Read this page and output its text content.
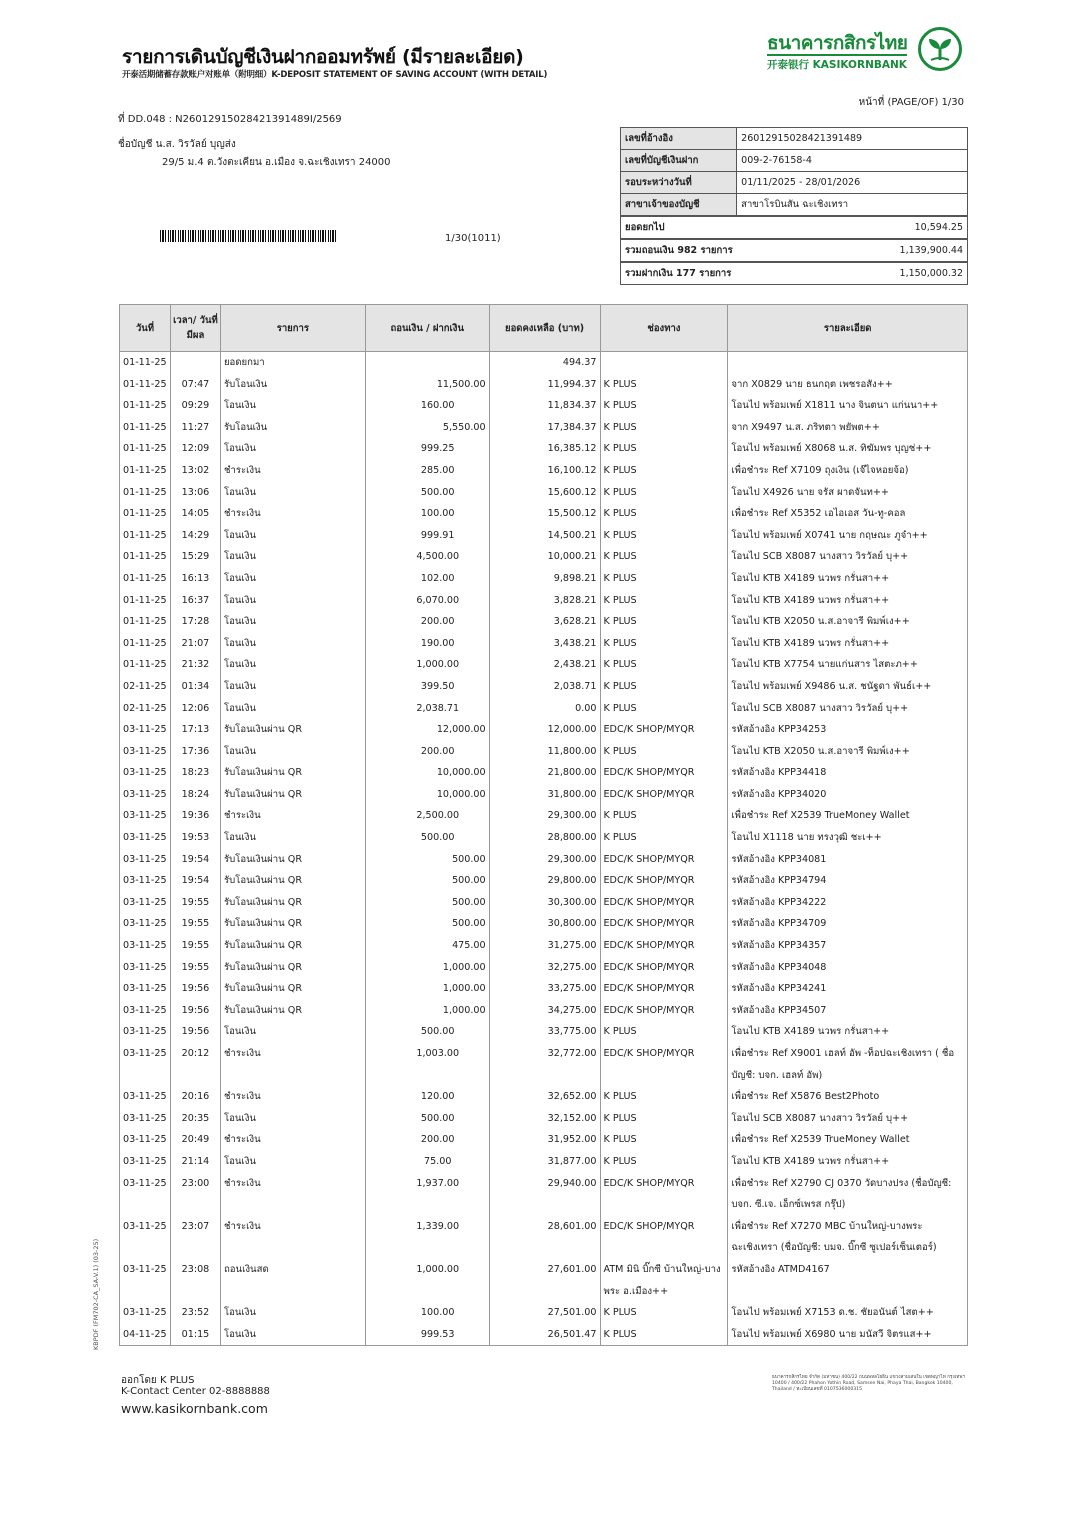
รายการเดินบัญชีเงินฝากออมทรัพย์ (มีรายละเอียด)
开泰活期储蓄存款账户对账单（附明细）K-DEPOSIT STATEMENT OF SAVING ACCOUNT (WITH DETAIL)
ธนาคารกสิกรไทย
开泰银行 KASIKORNBANK
หน้าที่ (PAGE/OF) 1/30
ที่ DD.048 : N26012915028421391489I/2569
ชื่อบัญชี น.ส. วิรวัลย์ บุญส่ง
29/5 ม.4 ต.วังตะเคียน อ.เมือง จ.ฉะเชิงเทรา 24000
1/30(1011)
เลขที่อ้างอิง	26012915028421391489
เลขที่บัญชีเงินฝาก	009-2-76158-4
รอบระหว่างวันที่	01/11/2025 - 28/01/2026
สาขาเจ้าของบัญชี	สาขาโรบินสัน ฉะเชิงเทรา
ยอดยกไป	10,594.25
รวมถอนเงิน 982 รายการ	1,139,900.44
รวมฝากเงิน 177 รายการ	1,150,000.32
วันที่	เวลา/ วันที่มีผล	รายการ	ถอนเงิน / ฝากเงิน	ยอดคงเหลือ (บาท)	ช่องทาง	รายละเอียด
01-11-25		ยอดยกมา		494.37		
01-11-25	07:47	รับโอนเงิน	11,500.00	11,994.37	K PLUS	จาก X0829 นาย ธนกฤต เพชรอสัง++
01-11-25	09:29	โอนเงิน	160.00	11,834.37	K PLUS	โอนไป พร้อมเพย์ X1811 นาง จินตนา แก่นนา++
01-11-25	11:27	รับโอนเงิน	5,550.00	17,384.37	K PLUS	จาก X9497 น.ส. ภริทตา พยัพต++
01-11-25	12:09	โอนเงิน	999.25	16,385.12	K PLUS	โอนไป พร้อมเพย์ X8068 น.ส. ทิฆัมพร บุญช่++
01-11-25	13:02	ชำระเงิน	285.00	16,100.12	K PLUS	เพื่อชำระ Ref X7109 ถุงเงิน (เจ๊ไจหอยจ้อ)
01-11-25	13:06	โอนเงิน	500.00	15,600.12	K PLUS	โอนไป X4926 นาย จรัส ผาดจันท++
01-11-25	14:05	ชำระเงิน	100.00	15,500.12	K PLUS	เพื่อชำระ Ref X5352 เอไอเอส วัน-ทู-คอล
01-11-25	14:29	โอนเงิน	999.91	14,500.21	K PLUS	โอนไป พร้อมเพย์ X0741 นาย กฤษณะ ภูจำ++
01-11-25	15:29	โอนเงิน	4,500.00	10,000.21	K PLUS	โอนไป SCB X8087 นางสาว วิรวัลย์ บุ++
01-11-25	16:13	โอนเงิน	102.00	9,898.21	K PLUS	โอนไป KTB X4189 นวพร กรั่นสา++
01-11-25	16:37	โอนเงิน	6,070.00	3,828.21	K PLUS	โอนไป KTB X4189 นวพร กรั่นสา++
01-11-25	17:28	โอนเงิน	200.00	3,628.21	K PLUS	โอนไป KTB X2050 น.ส.อาจารี พิมพ์เง++
01-11-25	21:07	โอนเงิน	190.00	3,438.21	K PLUS	โอนไป KTB X4189 นวพร กรั่นสา++
01-11-25	21:32	โอนเงิน	1,000.00	2,438.21	K PLUS	โอนไป KTB X7754 นายแก่นสาร ไสตะภ++
02-11-25	01:34	โอนเงิน	399.50	2,038.71	K PLUS	โอนไป พร้อมเพย์ X9486 น.ส. ชนัฐดา พันธ์เ++
02-11-25	12:06	โอนเงิน	2,038.71	0.00	K PLUS	โอนไป SCB X8087 นางสาว วิรวัลย์ บุ++
03-11-25	17:13	รับโอนเงินผ่าน QR	12,000.00	12,000.00	EDC/K SHOP/MYQR	รหัสอ้างอิง KPP34253
03-11-25	17:36	โอนเงิน	200.00	11,800.00	K PLUS	โอนไป KTB X2050 น.ส.อาจารี พิมพ์เง++
03-11-25	18:23	รับโอนเงินผ่าน QR	10,000.00	21,800.00	EDC/K SHOP/MYQR	รหัสอ้างอิง KPP34418
03-11-25	18:24	รับโอนเงินผ่าน QR	10,000.00	31,800.00	EDC/K SHOP/MYQR	รหัสอ้างอิง KPP34020
03-11-25	19:36	ชำระเงิน	2,500.00	29,300.00	K PLUS	เพื่อชำระ Ref X2539 TrueMoney Wallet
03-11-25	19:53	โอนเงิน	500.00	28,800.00	K PLUS	โอนไป X1118 นาย ทรงวุฒิ ชะเ++
03-11-25	19:54	รับโอนเงินผ่าน QR	500.00	29,300.00	EDC/K SHOP/MYQR	รหัสอ้างอิง KPP34081
03-11-25	19:54	รับโอนเงินผ่าน QR	500.00	29,800.00	EDC/K SHOP/MYQR	รหัสอ้างอิง KPP34794
03-11-25	19:55	รับโอนเงินผ่าน QR	500.00	30,300.00	EDC/K SHOP/MYQR	รหัสอ้างอิง KPP34222
03-11-25	19:55	รับโอนเงินผ่าน QR	500.00	30,800.00	EDC/K SHOP/MYQR	รหัสอ้างอิง KPP34709
03-11-25	19:55	รับโอนเงินผ่าน QR	475.00	31,275.00	EDC/K SHOP/MYQR	รหัสอ้างอิง KPP34357
03-11-25	19:55	รับโอนเงินผ่าน QR	1,000.00	32,275.00	EDC/K SHOP/MYQR	รหัสอ้างอิง KPP34048
03-11-25	19:56	รับโอนเงินผ่าน QR	1,000.00	33,275.00	EDC/K SHOP/MYQR	รหัสอ้างอิง KPP34241
03-11-25	19:56	รับโอนเงินผ่าน QR	1,000.00	34,275.00	EDC/K SHOP/MYQR	รหัสอ้างอิง KPP34507
03-11-25	19:56	โอนเงิน	500.00	33,775.00	K PLUS	โอนไป KTB X4189 นวพร กรั่นสา++
03-11-25	20:12	ชำระเงิน	1,003.00	32,772.00	EDC/K SHOP/MYQR	เพื่อชำระ Ref X9001 เฮลท์ อัพ -ท็อปฉะเชิงเทรา ( ชื่อบัญชี: บจก. เฮลท์ อัพ)
03-11-25	20:16	ชำระเงิน	120.00	32,652.00	K PLUS	เพื่อชำระ Ref X5876 Best2Photo
03-11-25	20:35	โอนเงิน	500.00	32,152.00	K PLUS	โอนไป SCB X8087 นางสาว วิรวัลย์ บุ++
03-11-25	20:49	ชำระเงิน	200.00	31,952.00	K PLUS	เพื่อชำระ Ref X2539 TrueMoney Wallet
03-11-25	21:14	โอนเงิน	75.00	31,877.00	K PLUS	โอนไป KTB X4189 นวพร กรั่นสา++
03-11-25	23:00	ชำระเงิน	1,937.00	29,940.00	EDC/K SHOP/MYQR	เพื่อชำระ Ref X2790 CJ 0370 วัดบางปรง (ชื่อบัญชี: บจก. ซี.เจ. เอ็กซ์เพรส กรุ๊ป)
03-11-25	23:07	ชำระเงิน	1,339.00	28,601.00	EDC/K SHOP/MYQR	เพื่อชำระ Ref X7270 MBC บ้านใหญ่-บางพระ ฉะเชิงเทรา (ชื่อบัญชี: บมจ. บิ๊กซี ซูเปอร์เซ็นเตอร์)
03-11-25	23:08	ถอนเงินสด	1,000.00	27,601.00	ATM มินิ บิ๊กซี บ้านใหญ่-บางพระ อ.เมือง++	รหัสอ้างอิง ATMD4167
03-11-25	23:52	โอนเงิน	100.00	27,501.00	K PLUS	โอนไป พร้อมเพย์ X7153 ด.ช. ชัยอนันต์ ไสต++
04-11-25	01:15	โอนเงิน	999.53	26,501.47	K PLUS	โอนไป พร้อมเพย์ X6980 นาย มนัสวี จิตรแส++
KBPDF (FM702-CA_SA-V.1) (03-25)
ออกโดย K PLUS
K-Contact Center 02-8888888
www.kasikornbank.com
ธนาคารกสิกรไทย จำกัด (มหาชน) 400/22 ถนนพหลโยธิน แขวงสามเสนใน เขตพญาไท กรุงเทพฯ 10400 / 400/22 Phahon Yothin Road, Samsen Nai, Phaya Thai, Bangkok 10400, Thailand / ทะเบียนเลขที่ 0107536000315
